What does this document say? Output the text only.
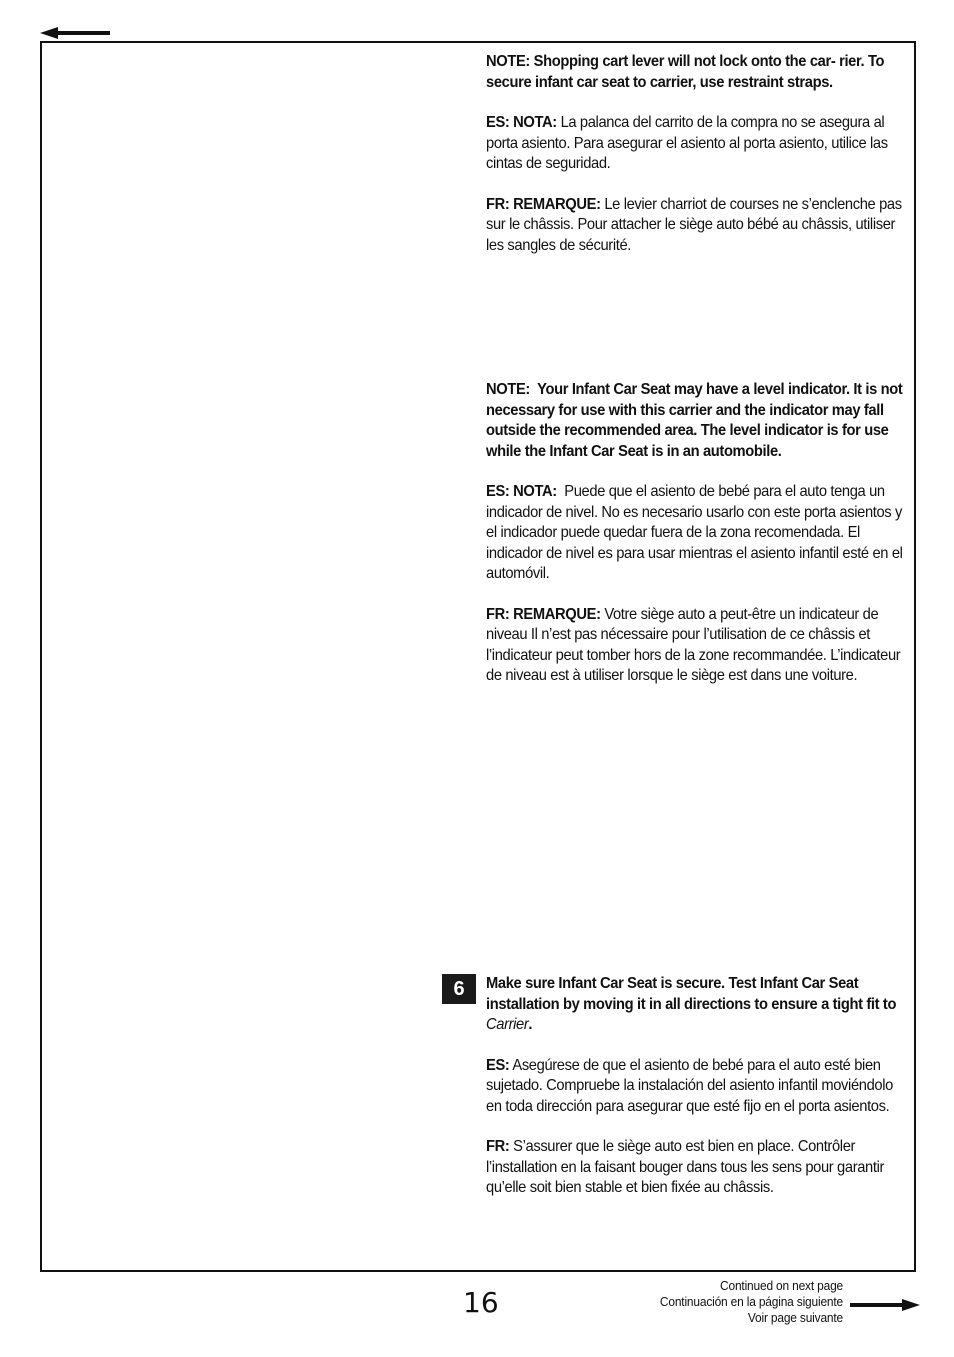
NOTE: Shopping cart lever will not lock onto the car- rier. To secure infant car seat to carrier, use restraint straps.

ES: NOTA: La palanca del carrito de la compra no se asegura al porta asiento. Para asegurar el asiento al porta asiento, utilice las cintas de seguridad.

FR: REMARQUE: Le levier charriot de courses ne s’enclenche pas sur le châssis. Pour attacher le siège auto bébé au châssis, utiliser les sangles de sécurité.

NOTE: Your Infant Car Seat may have a level indicator. It is not necessary for use with this carrier and the indicator may fall outside the recommended area. The level indicator is for use while the Infant Car Seat is in an automobile.

ES: NOTA: Puede que el asiento de bebé para el auto tenga un indicador de nivel. No es necesario usarlo con este porta asientos y el indicador puede quedar fuera de la zona recomendada. El indicador de nivel es para usar mientras el asiento infantil esté en el automóvil.

FR: REMARQUE: Votre siège auto a peut-être un indicateur de niveau Il n’est pas nécessaire pour l’utilisation de ce châssis et l’indicateur peut tomber hors de la zone recommandée. L’indicateur de niveau est à utiliser lorsque le siège est dans une voiture.

6	Make sure Infant Car Seat is secure. Test Infant Car Seat installation by moving it in all directions to ensure a tight fit to Carrier.

ES: Asegúrese de que el asiento de bebé para el auto esté bien sujetado. Compruebe la instalación del asiento infantil moviéndolo en toda dirección para asegurar que esté fijo en el porta asientos.

FR: S’assurer que le siège auto est bien en place. Contrôler l’installation en la faisant bouger dans tous les sens pour garantir qu’elle soit bien stable et bien fixée au châssis.

16
Continued on next page
Continuación en la página siguiente
Voir page suivante
